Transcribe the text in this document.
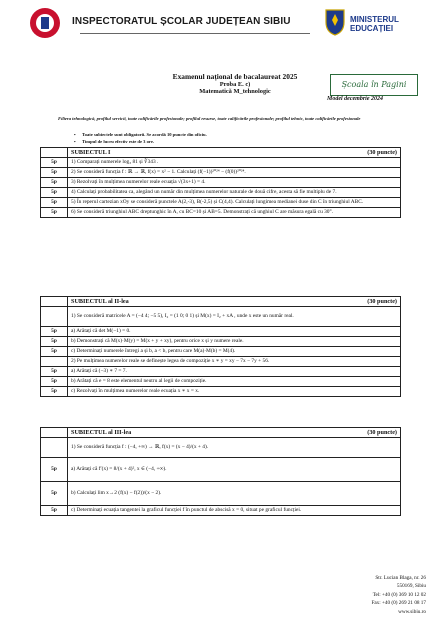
INSPECTORATUL ȘCOLAR JUDEȚEAN SIBIU	MINISTERUL
EDUCAȚIEI
Examenul național de bacalaureat 2025
Proba E. c)
Matematică M_tehnologic
Școala în Pagini
Model decembrie 2024
Filiera tehnologică, profilul servicii, toate calificările profesionale; profilul resurse, toate calificările profesionale; profilul tehnic, toate calificările profesionale
• Toate subiectele sunt obligatorii. Se acordă 10 puncte din oficiu.
• Timpul de lucru efectiv este de 3 ore.
	SUBIECTUL I (30 puncte)

5p	1) Comparați numerele log₃ 81 și ∛343 .
5p	2) Se consideră funcția f : ℝ → ℝ, f(x) = x² − 1. Calculați (f(−1))²⁰²⁴ − (f(0))²⁰²⁴.
5p	3) Rezolvați în mulțimea numerelor reale ecuația √(3x+1) = 4.
5p	4) Calculați probabilitatea ca, alegând un număr din mulțimea numerelor naturale de două cifre, acesta să fie multiplu de 7.
5p	5) În reperul cartezian xOy se consideră punctele A(2,-3), B(-2,5) și C(4,4). Calculați lungimea medianei duse din C în triunghiul ABC.
5p	6) Se consideră triunghiul ABC dreptunghic în A, cu BC=10 și AB=5. Demonstrați că unghiul C are măsura egală cu 30°.
	SUBIECTUL al II-lea (30 puncte)

	1) Se consideră matricele A = (−4 4; −5 5), I₂ = (1 0; 0 1) și M(x) = I₂ + xA , unde x este un număr real.
5p	a) Arătați că det M(−1) = 0.
5p	b) Demonstrați că M(x)·M(y) = M(x + y + xy), pentru orice x și y numere reale.
5p	c) Determinați numerele întregi a și b, a < b, pentru care M(a)·M(b) = M(4).
	2) Pe mulțimea numerelor reale se definește legea de compoziție x ∗ y = xy − 7x − 7y + 56.
5p	a) Arătați că (−3) ∗ 7 = 7.
5p	b) Arătați că e = 8 este elementul neutru al legii de compoziție.
5p	c) Rezolvați în mulțimea numerelor reale ecuația x ∗ x = x.
	SUBIECTUL al III-lea (30 puncte)

	1) Se consideră funcția f : (−4, +∞) → ℝ, f(x) = (x − 4)/(x + 4).
5p	a) Arătați că f′(x) = 8/(x + 4)², x ∈ (−4, +∞).
5p	b) Calculați lim x→2 (f(x) − f(2))/(x − 2).
5p	c) Determinați ecuația tangentei la graficul funcției f în punctul de abscisă x = 0, situat pe graficul funcției.
Str. Lucian Blaga, nr. 26
550169, Sibiu
Tel: +40 (0) 369 10 12 02
Fax: +40 (0) 269 21 08 17
www.sibiu.ro
